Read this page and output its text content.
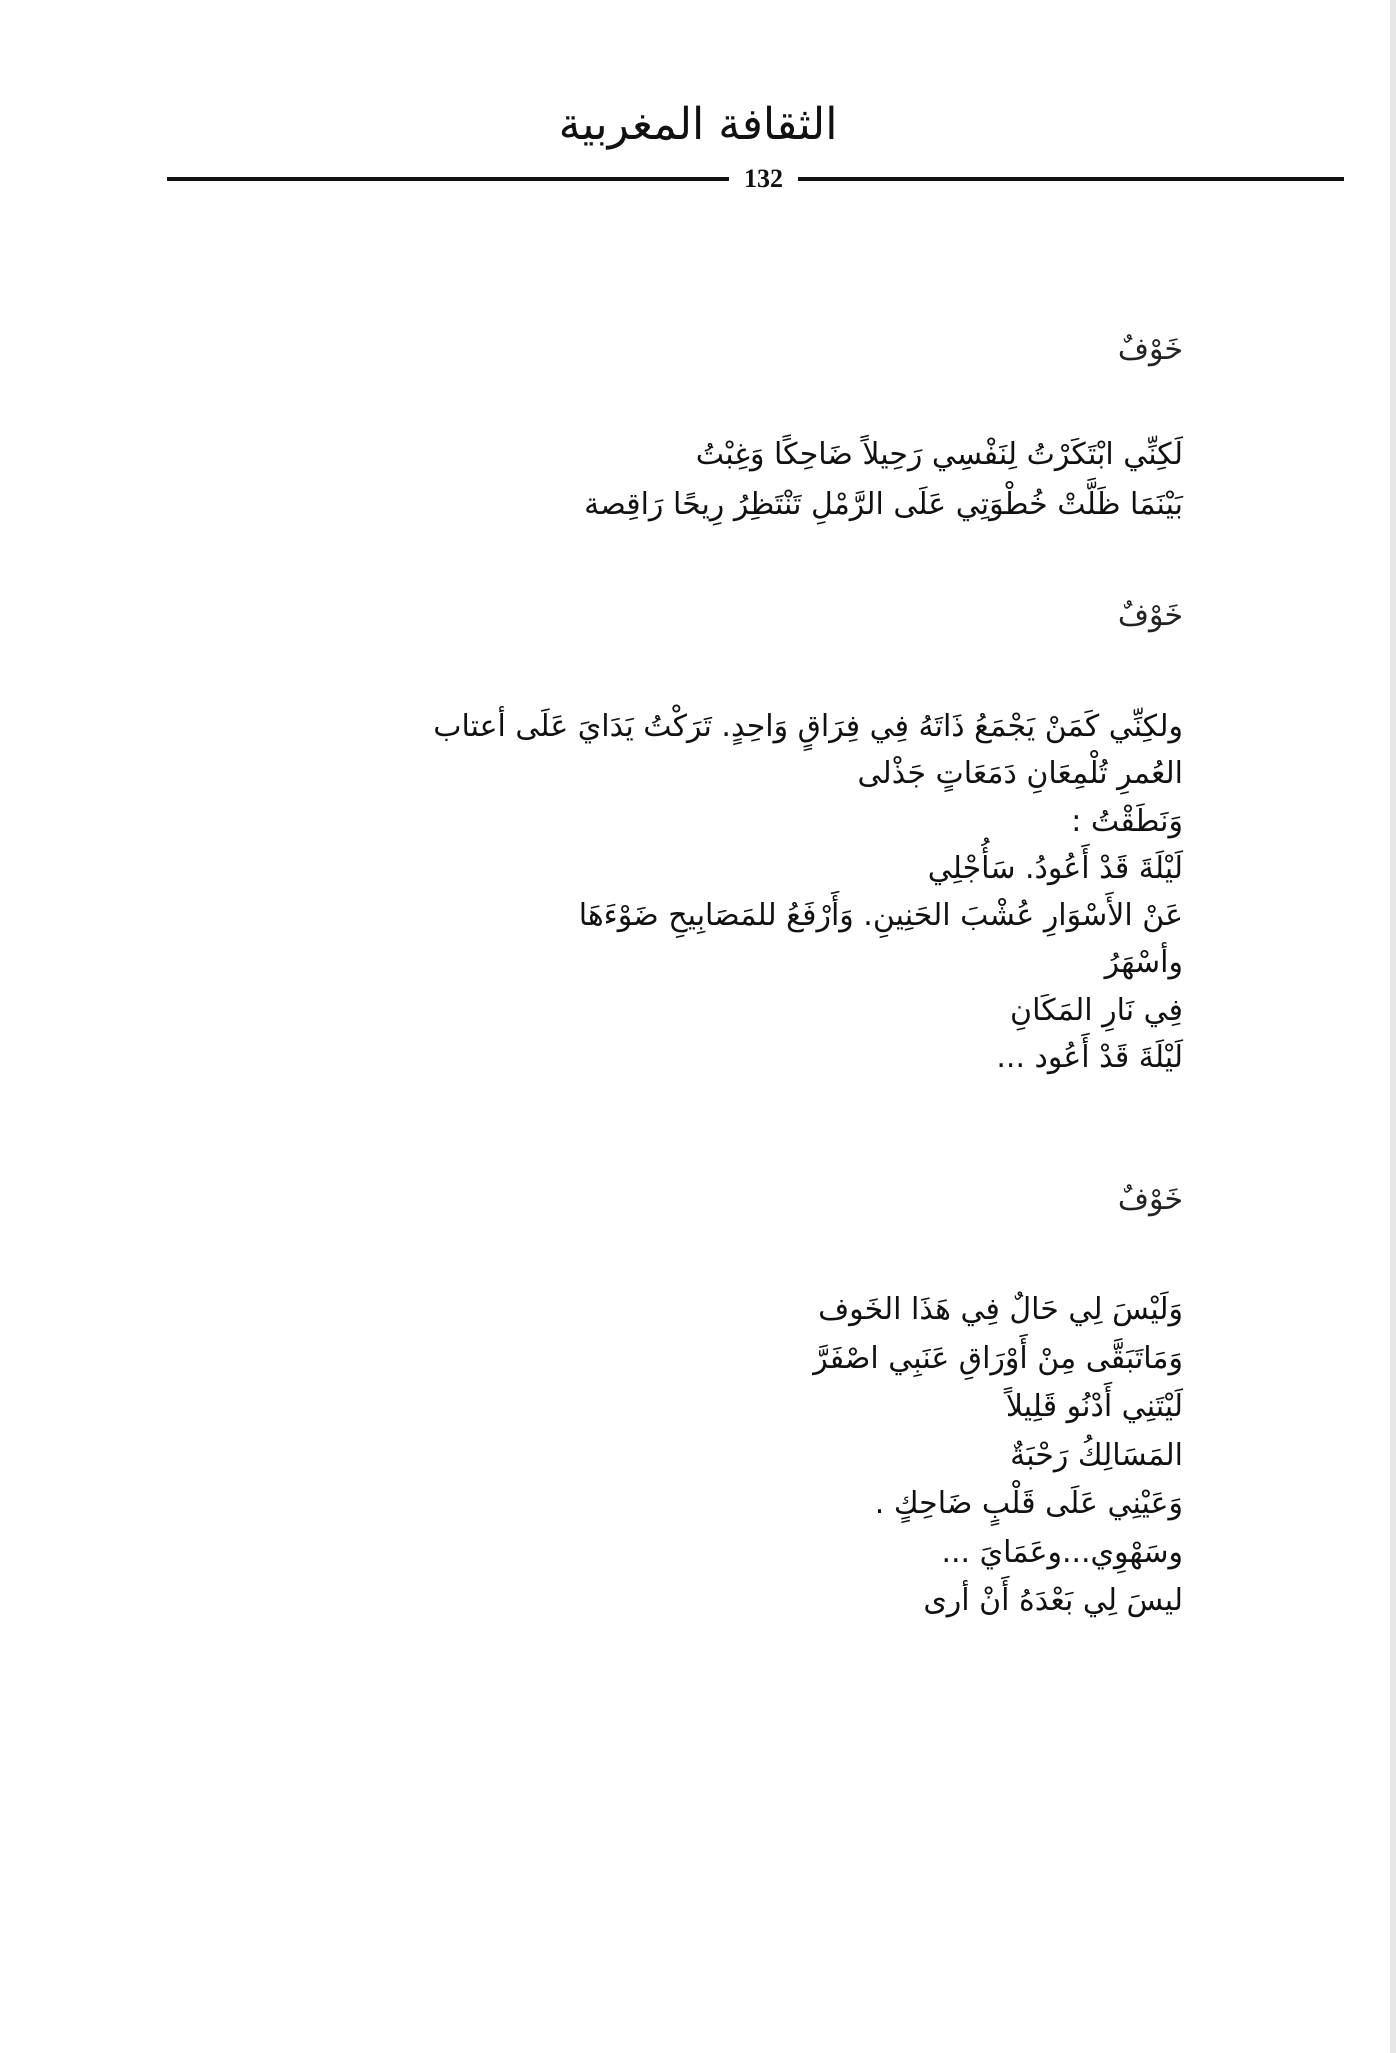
الثقافة المغربية
132
خَوْفٌ
لَكِنِّي ابْتَكَرْتُ لِنَفْسِي رَحِيلاً ضَاحِكًا وَغِبْتُ
بَيْنَمَا ظَلَّتْ خُطْوَتِي عَلَى الرَّمْلِ تَنْتَظِرُ رِيحًا رَاقِصة
خَوْفٌ
ولكِنِّي كَمَنْ يَجْمَعُ ذَاتَهُ فِي فِرَاقٍ وَاحِدٍ. تَرَكْتُ يَدَايَ عَلَى أعتاب
العُمرِ تُلْمِعَانِ دَمَعَاتٍ جَذْلى
وَنَطَقْتُ :
لَيْلَةَ قَدْ أَعُودُ. سَأُجْلِي
عَنْ الأَسْوَارِ عُشْبَ الحَنِينِ. وَأَرْفَعُ للمَصَابِيحِ ضَوْءَهَا
وأسْهَرُ
فِي نَارِ المَكَانِ
لَيْلَةَ قَدْ أَعُود ...
خَوْفٌ
وَلَيْسَ لِي حَالٌ فِي هَذَا الخَوف
وَمَاتَبَقَّى مِنْ أَوْرَاقِ عَنَبِي اصْفَرَّ
لَيْتَنِي أَدْنُو قَلِيلاً
المَسَالِكُ رَحْبَةٌ
وَعَيْنِي عَلَى قَلْبٍ ضَاحِكٍ .
وسَهْوِي...وعَمَايَ ...
ليسَ لِي بَعْدَهُ أَنْ أرى
